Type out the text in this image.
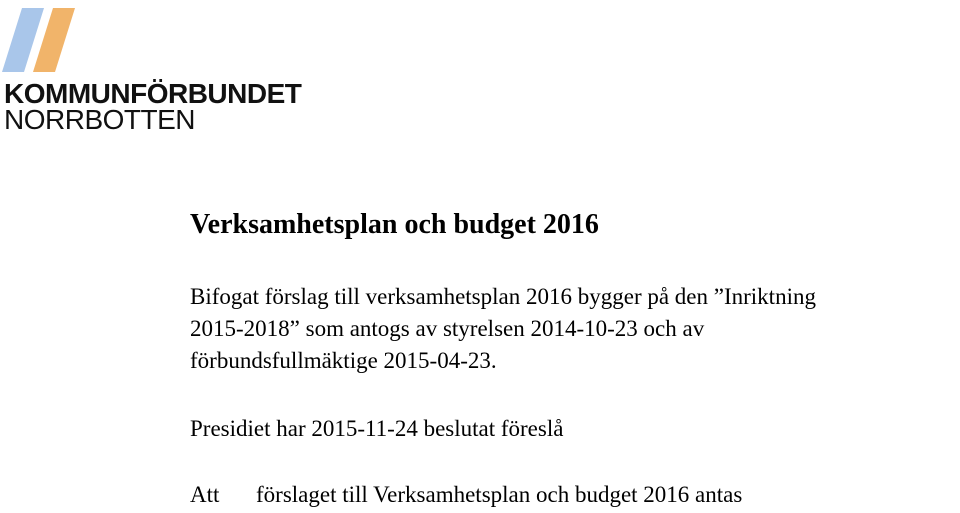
KOMMUNFÖRBUNDET
NORRBOTTEN
Verksamhetsplan och budget 2016
Bifogat förslag till verksamhetsplan 2016 bygger på den ”Inriktning
2015-2018” som antogs av styrelsen 2014-10-23 och av
förbundsfullmäktige 2015-04-23.
Presidiet har 2015-11-24 beslutat föreslå
Att förslaget till Verksamhetsplan och budget 2016 antas
